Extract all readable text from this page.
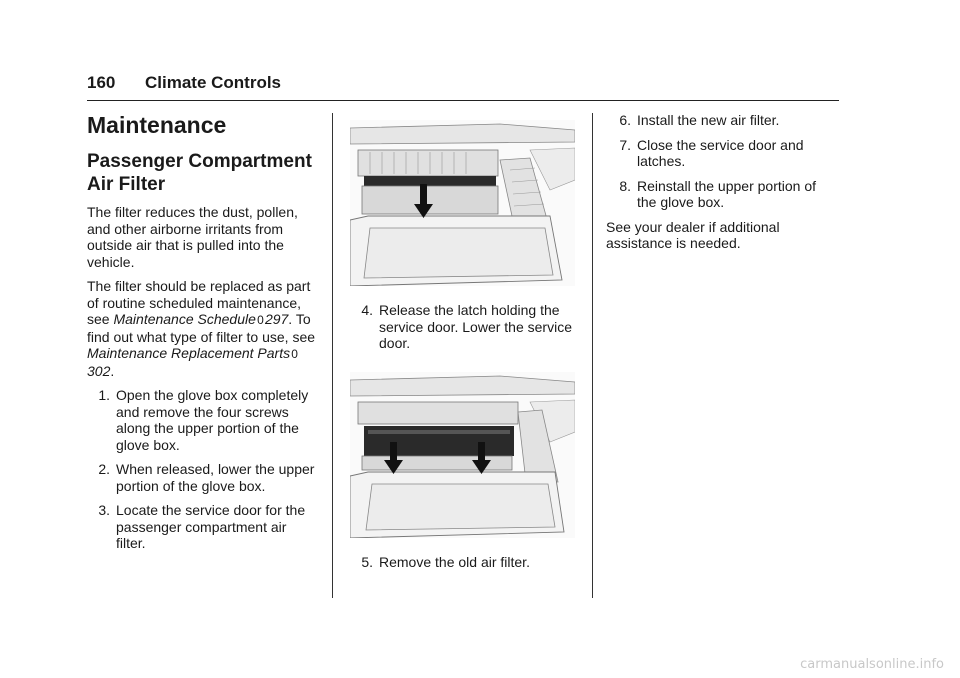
160 Climate Controls
Maintenance
Passenger Compartment
Air Filter

The filter reduces the dust, pollen, and other airborne irritants from outside air that is pulled into the vehicle.

The filter should be replaced as part of routine scheduled maintenance, see Maintenance Schedule 0 297. To find out what type of filter to use, see Maintenance Replacement Parts 0 302.

1. Open the glove box completely and remove the four screws along the upper portion of the glove box.
2. When released, lower the upper portion of the glove box.
3. Locate the service door for the passenger compartment air filter.
4. Release the latch holding the service door. Lower the service door.
5. Remove the old air filter.
6. Install the new air filter.
7. Close the service door and latches.
8. Reinstall the upper portion of the glove box.

See your dealer if additional assistance is needed.

carmanualsonline.info
